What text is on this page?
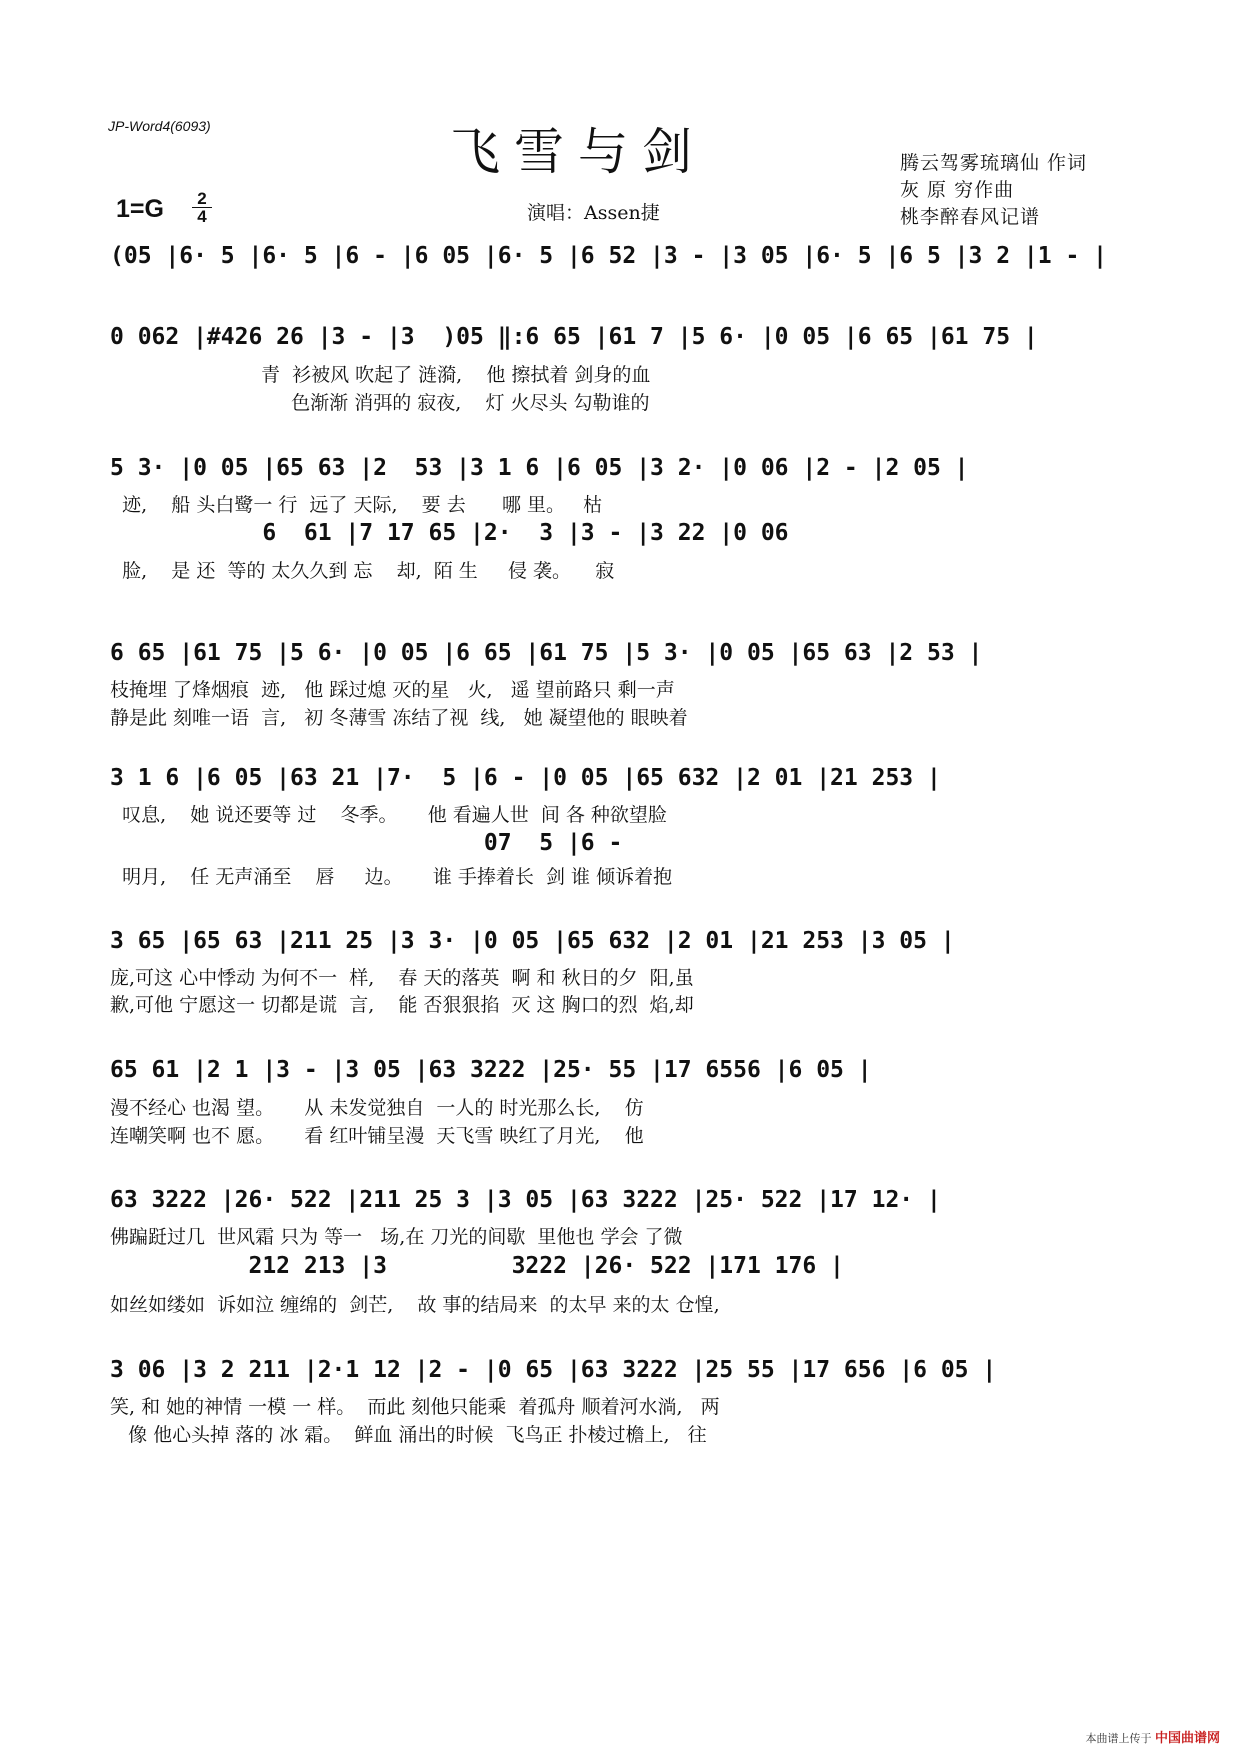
JP-Word4(6093)	飞雪与剑
1=G	2
4	演唱：Assen捷
腾云驾雾琉璃仙 作词
灰 原 穷作曲
桃李醉春风记谱
(05 |6· 5 |6· 5 |6 - |6 05 |6· 5 |6 52 |3 - |3 05 |6· 5 |6 5 |3 2 |1 - |
0 062 |#426 26 |3 - |3  )05 ‖:6 65 |61 7 |5 6· |0 05 |6 65 |61 75 |
青  衫被风 吹起了 涟漪,    他 擦拭着 剑身的血
色渐渐 消弭的 寂夜,    灯 火尽头 勾勒谁的
5 3· |0 05 |65 63 |2  53 |3 1 6 |6 05 |3 2· |0 06 |2 - |2 05 |
迹,    船 头白鹭一 行  远了 天际,    要 去      哪 里。   枯
6  61 |7 17 65 |2·  3 |3 - |3 22 |0 06
脸,    是 还  等的 太久久到 忘    却,  陌 生     侵 袭。    寂
6 65 |61 75 |5 6· |0 05 |6 65 |61 75 |5 3· |0 05 |65 63 |2 53 |
枝掩埋 了烽烟痕  迹,   他 踩过熄 灭的星   火,   遥 望前路只 剩一声
静是此 刻唯一语  言,   初 冬薄雪 冻结了视  线,   她 凝望他的 眼映着
3 1 6 |6 05 |63 21 |7·  5 |6 - |0 05 |65 632 |2 01 |21 253 |
叹息,    她 说还要等 过    冬季。     他 看遍人世  间 各 种欲望脸
07  5 |6 -
明月,    任 无声涌至    唇     边。     谁 手捧着长  剑 谁 倾诉着抱
3 65 |65 63 |211 25 |3 3· |0 05 |65 632 |2 01 |21 253 |3 05 |
庞,可这 心中悸动 为何不一  样,    春 天的落英  啊 和 秋日的夕  阳,虽
歉,可他 宁愿这一 切都是谎  言,    能 否狠狠掐  灭 这 胸口的烈  焰,却
65 61 |2 1 |3 - |3 05 |63 3222 |25· 55 |17 6556 |6 05 |
漫不经心 也渴 望。     从 未发觉独自  一人的 时光那么长,    仿
连嘲笑啊 也不 愿。     看 红叶铺呈漫  天飞雪 映红了月光,    他
63 3222 |26· 522 |211 25 3 |3 05 |63 3222 |25· 522 |17 12· |
佛蹁跹过几  世风霜 只为 等一   场,在 刀光的间歇  里他也 学会 了微
212 213 |3         3222 |26· 522 |171 176 |
如丝如缕如  诉如泣 缠绵的  剑芒,    故 事的结局来  的太早 来的太 仓惶,
3 06 |3 2 211 |2·1 12 |2 - |0 65 |63 3222 |25 55 |17 656 |6 05 |
笑, 和 她的神情 一模 一 样。  而此 刻他只能乘  着孤舟 顺着河水淌,   两
像 他心头掉 落的 冰 霜。  鲜血 涌出的时候  飞鸟正 扑棱过檐上,   往
本曲谱上传于 中国曲谱网
